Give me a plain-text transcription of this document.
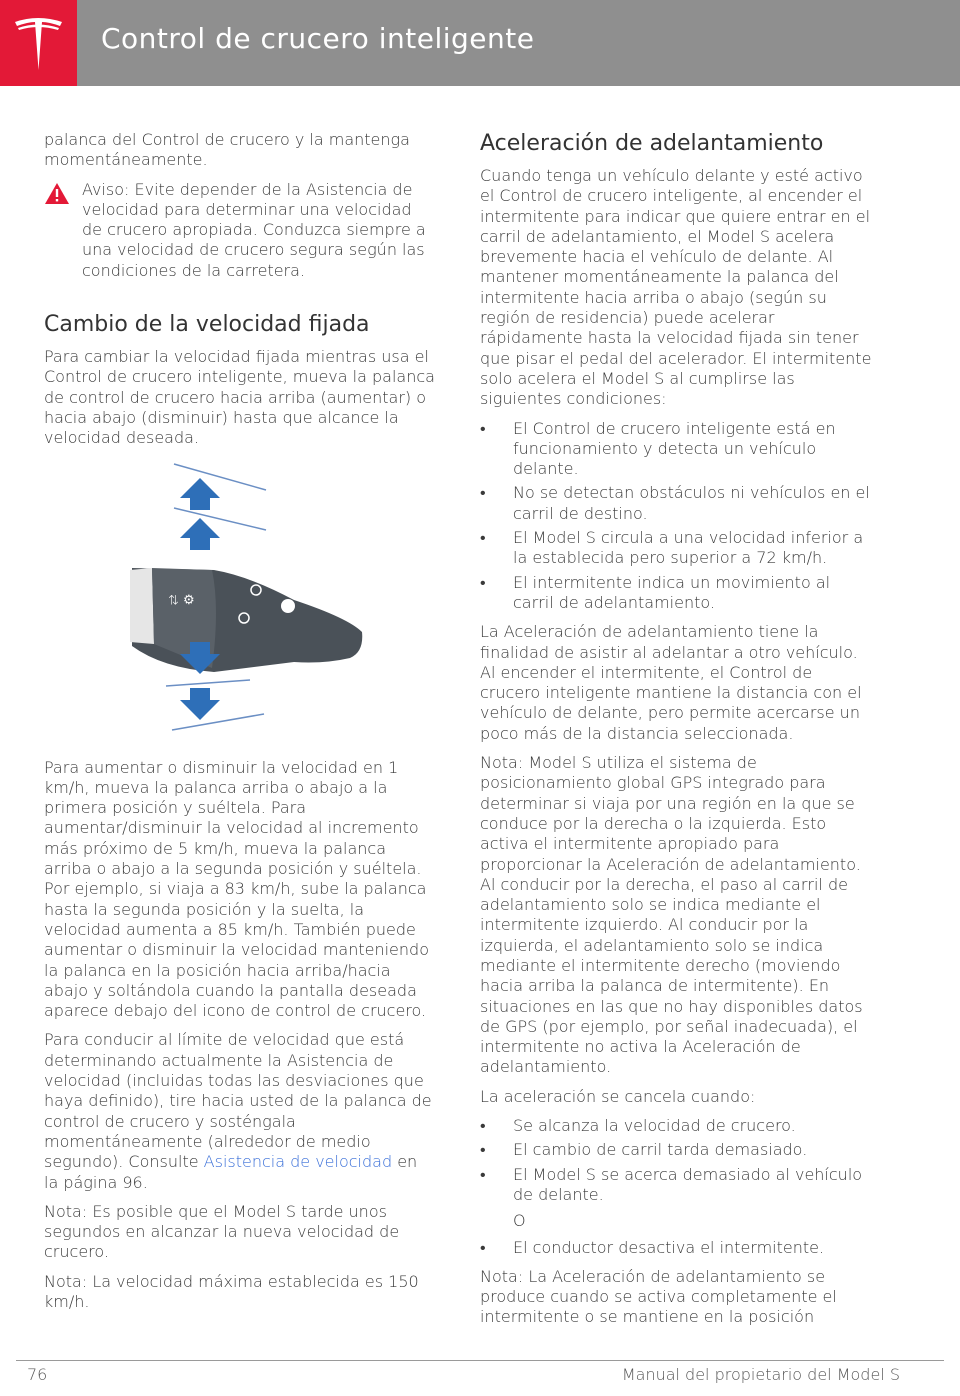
Control de crucero inteligente

palanca del Control de crucero y la mantenga momentáneamente.

Aviso: Evite depender de la Asistencia de velocidad para determinar una velocidad de crucero apropiada. Conduzca siempre a una velocidad de crucero segura según las condiciones de la carretera.
Cambio de la velocidad fijada

Para cambiar la velocidad fijada mientras usa el Control de crucero inteligente, mueva la palanca de control de crucero hacia arriba (aumentar) o hacia abajo (disminuir) hasta que alcance la velocidad deseada.

⇅ ⚙

Para aumentar o disminuir la velocidad en 1 km/h, mueva la palanca arriba o abajo a la primera posición y suéltela. Para aumentar/disminuir la velocidad al incremento más próximo de 5 km/h, mueva la palanca arriba o abajo a la segunda posición y suéltela. Por ejemplo, si viaja a 83 km/h, sube la palanca hasta la segunda posición y la suelta, la velocidad aumenta a 85 km/h. También puede aumentar o disminuir la velocidad manteniendo la palanca en la posición hacia arriba/hacia abajo y soltándola cuando la pantalla deseada aparece debajo del icono de control de crucero.

Para conducir al límite de velocidad que está determinando actualmente la Asistencia de velocidad (incluidas todas las desviaciones que haya definido), tire hacia usted de la palanca de control de crucero y sosténgala momentáneamente (alrededor de medio segundo). Consulte Asistencia de velocidad en la página 96.

Nota: Es posible que el Model S tarde unos segundos en alcanzar la nueva velocidad de crucero.

Nota: La velocidad máxima establecida es 150 km/h.

Aceleración de adelantamiento

Cuando tenga un vehículo delante y esté activo el Control de crucero inteligente, al encender el intermitente para indicar que quiere entrar en el carril de adelantamiento, el Model S acelera brevemente hacia el vehículo de delante. Al mantener momentáneamente la palanca del intermitente hacia arriba o abajo (según su región de residencia) puede acelerar rápidamente hasta la velocidad fijada sin tener que pisar el pedal del acelerador. El intermitente solo acelera el Model S al cumplirse las siguientes condiciones:

• El Control de crucero inteligente está en funcionamiento y detecta un vehículo delante.
• No se detectan obstáculos ni vehículos en el carril de destino.
• El Model S circula a una velocidad inferior a la establecida pero superior a 72 km/h.
• El intermitente indica un movimiento al carril de adelantamiento.

La Aceleración de adelantamiento tiene la finalidad de asistir al adelantar a otro vehículo. Al encender el intermitente, el Control de crucero inteligente mantiene la distancia con el vehículo de delante, pero permite acercarse un poco más de la distancia seleccionada.

Nota: Model S utiliza el sistema de posicionamiento global GPS integrado para determinar si viaja por una región en la que se conduce por la derecha o la izquierda. Esto activa el intermitente apropiado para proporcionar la Aceleración de adelantamiento. Al conducir por la derecha, el paso al carril de adelantamiento solo se indica mediante el intermitente izquierdo. Al conducir por la izquierda, el adelantamiento solo se indica mediante el intermitente derecho (moviendo hacia arriba la palanca de intermitente). En situaciones en las que no hay disponibles datos de GPS (por ejemplo, por señal inadecuada), el intermitente no activa la Aceleración de adelantamiento.

La aceleración se cancela cuando:

• Se alcanza la velocidad de crucero.
• El cambio de carril tarda demasiado.
• El Model S se acerca demasiado al vehículo de delante.
O
• El conductor desactiva el intermitente.

Nota: La Aceleración de adelantamiento se produce cuando se activa completamente el intermitente o se mantiene en la posición

76	Manual del propietario del Model S
